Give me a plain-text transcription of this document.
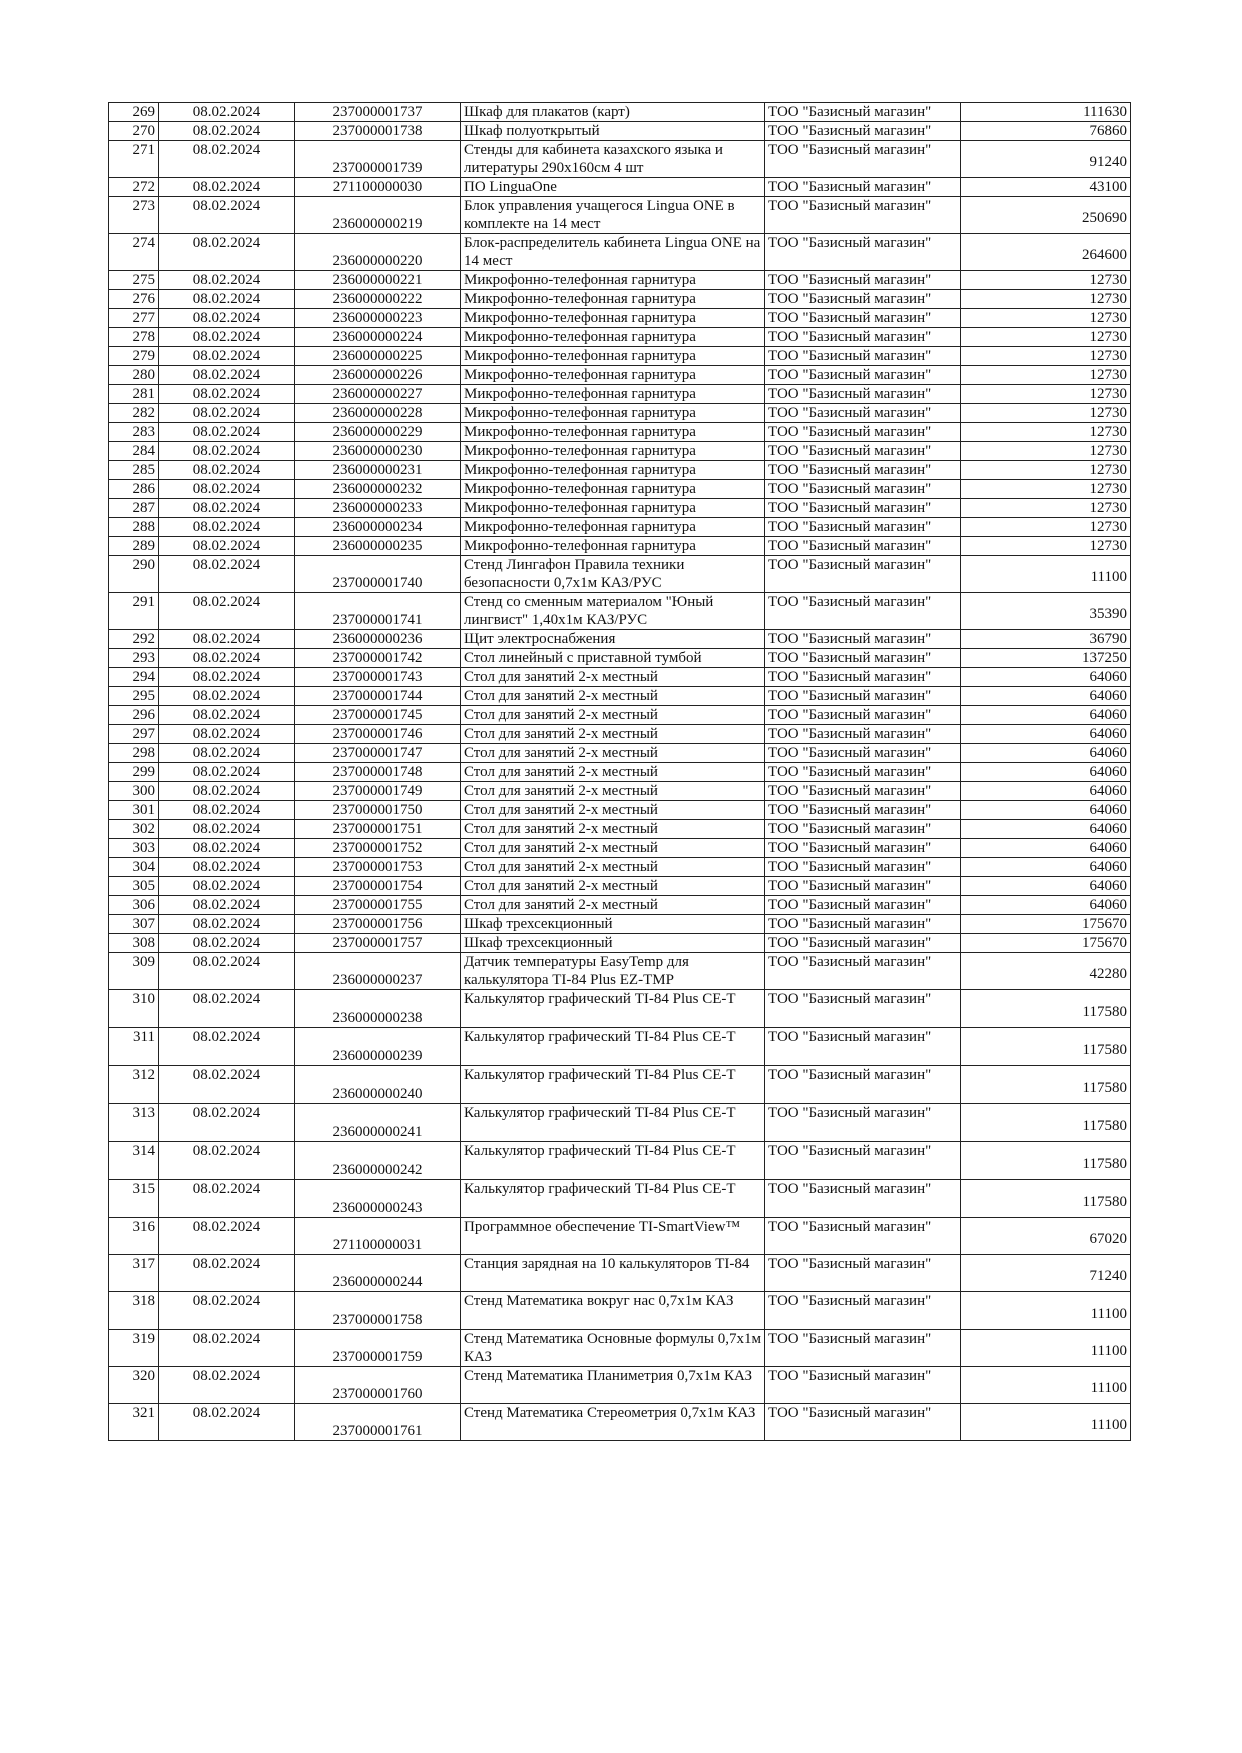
269	08.02.2024	237000001737	Шкаф для плакатов (карт)	ТОО "Базисный магазин"	111630
270	08.02.2024	237000001738	Шкаф полуоткрытый	ТОО "Базисный магазин"	76860
271	08.02.2024	237000001739	Стенды для кабинета казахского языка и литературы 290х160см 4 шт	ТОО "Базисный магазин"	91240
272	08.02.2024	271100000030	ПО LinguaOne	ТОО "Базисный магазин"	43100
273	08.02.2024	236000000219	Блок управления учащегося Lingua ONE в комплекте на 14 мест	ТОО "Базисный магазин"	250690
274	08.02.2024	236000000220	Блок-распределитель кабинета Lingua ONE на 14 мест	ТОО "Базисный магазин"	264600
275	08.02.2024	236000000221	Микрофонно-телефонная гарнитура	ТОО "Базисный магазин"	12730
276	08.02.2024	236000000222	Микрофонно-телефонная гарнитура	ТОО "Базисный магазин"	12730
277	08.02.2024	236000000223	Микрофонно-телефонная гарнитура	ТОО "Базисный магазин"	12730
278	08.02.2024	236000000224	Микрофонно-телефонная гарнитура	ТОО "Базисный магазин"	12730
279	08.02.2024	236000000225	Микрофонно-телефонная гарнитура	ТОО "Базисный магазин"	12730
280	08.02.2024	236000000226	Микрофонно-телефонная гарнитура	ТОО "Базисный магазин"	12730
281	08.02.2024	236000000227	Микрофонно-телефонная гарнитура	ТОО "Базисный магазин"	12730
282	08.02.2024	236000000228	Микрофонно-телефонная гарнитура	ТОО "Базисный магазин"	12730
283	08.02.2024	236000000229	Микрофонно-телефонная гарнитура	ТОО "Базисный магазин"	12730
284	08.02.2024	236000000230	Микрофонно-телефонная гарнитура	ТОО "Базисный магазин"	12730
285	08.02.2024	236000000231	Микрофонно-телефонная гарнитура	ТОО "Базисный магазин"	12730
286	08.02.2024	236000000232	Микрофонно-телефонная гарнитура	ТОО "Базисный магазин"	12730
287	08.02.2024	236000000233	Микрофонно-телефонная гарнитура	ТОО "Базисный магазин"	12730
288	08.02.2024	236000000234	Микрофонно-телефонная гарнитура	ТОО "Базисный магазин"	12730
289	08.02.2024	236000000235	Микрофонно-телефонная гарнитура	ТОО "Базисный магазин"	12730
290	08.02.2024	237000001740	Стенд Лингафон Правила техники безопасности 0,7х1м КАЗ/РУС	ТОО "Базисный магазин"	11100
291	08.02.2024	237000001741	Стенд со сменным материалом "Юный лингвист" 1,40х1м КАЗ/РУС	ТОО "Базисный магазин"	35390
292	08.02.2024	236000000236	Щит электроснабжения	ТОО "Базисный магазин"	36790
293	08.02.2024	237000001742	Стол линейный с приставной тумбой	ТОО "Базисный магазин"	137250
294	08.02.2024	237000001743	Стол для занятий 2-х местный	ТОО "Базисный магазин"	64060
295	08.02.2024	237000001744	Стол для занятий 2-х местный	ТОО "Базисный магазин"	64060
296	08.02.2024	237000001745	Стол для занятий 2-х местный	ТОО "Базисный магазин"	64060
297	08.02.2024	237000001746	Стол для занятий 2-х местный	ТОО "Базисный магазин"	64060
298	08.02.2024	237000001747	Стол для занятий 2-х местный	ТОО "Базисный магазин"	64060
299	08.02.2024	237000001748	Стол для занятий 2-х местный	ТОО "Базисный магазин"	64060
300	08.02.2024	237000001749	Стол для занятий 2-х местный	ТОО "Базисный магазин"	64060
301	08.02.2024	237000001750	Стол для занятий 2-х местный	ТОО "Базисный магазин"	64060
302	08.02.2024	237000001751	Стол для занятий 2-х местный	ТОО "Базисный магазин"	64060
303	08.02.2024	237000001752	Стол для занятий 2-х местный	ТОО "Базисный магазин"	64060
304	08.02.2024	237000001753	Стол для занятий 2-х местный	ТОО "Базисный магазин"	64060
305	08.02.2024	237000001754	Стол для занятий 2-х местный	ТОО "Базисный магазин"	64060
306	08.02.2024	237000001755	Стол для занятий 2-х местный	ТОО "Базисный магазин"	64060
307	08.02.2024	237000001756	Шкаф трехсекционный	ТОО "Базисный магазин"	175670
308	08.02.2024	237000001757	Шкаф трехсекционный	ТОО "Базисный магазин"	175670
309	08.02.2024	236000000237	Датчик температуры EasyTemp для калькулятора TI-84 Plus EZ-TMP	ТОО "Базисный магазин"	42280
310	08.02.2024	236000000238	Калькулятор графический TI-84 Plus CE-T	ТОО "Базисный магазин"	117580
311	08.02.2024	236000000239	Калькулятор графический TI-84 Plus CE-T	ТОО "Базисный магазин"	117580
312	08.02.2024	236000000240	Калькулятор графический TI-84 Plus CE-T	ТОО "Базисный магазин"	117580
313	08.02.2024	236000000241	Калькулятор графический TI-84 Plus CE-T	ТОО "Базисный магазин"	117580
314	08.02.2024	236000000242	Калькулятор графический TI-84 Plus CE-T	ТОО "Базисный магазин"	117580
315	08.02.2024	236000000243	Калькулятор графический TI-84 Plus CE-T	ТОО "Базисный магазин"	117580
316	08.02.2024	271100000031	Программное обеспечение TI-SmartView™	ТОО "Базисный магазин"	67020
317	08.02.2024	236000000244	Станция зарядная на 10 калькуляторов TI-84	ТОО "Базисный магазин"	71240
318	08.02.2024	237000001758	Стенд Математика вокруг нас 0,7х1м КАЗ	ТОО "Базисный магазин"	11100
319	08.02.2024	237000001759	Стенд Математика Основные формулы 0,7х1м КАЗ	ТОО "Базисный магазин"	11100
320	08.02.2024	237000001760	Стенд Математика Планиметрия 0,7х1м КАЗ	ТОО "Базисный магазин"	11100
321	08.02.2024	237000001761	Стенд Математика Стереометрия 0,7х1м КАЗ	ТОО "Базисный магазин"	11100
